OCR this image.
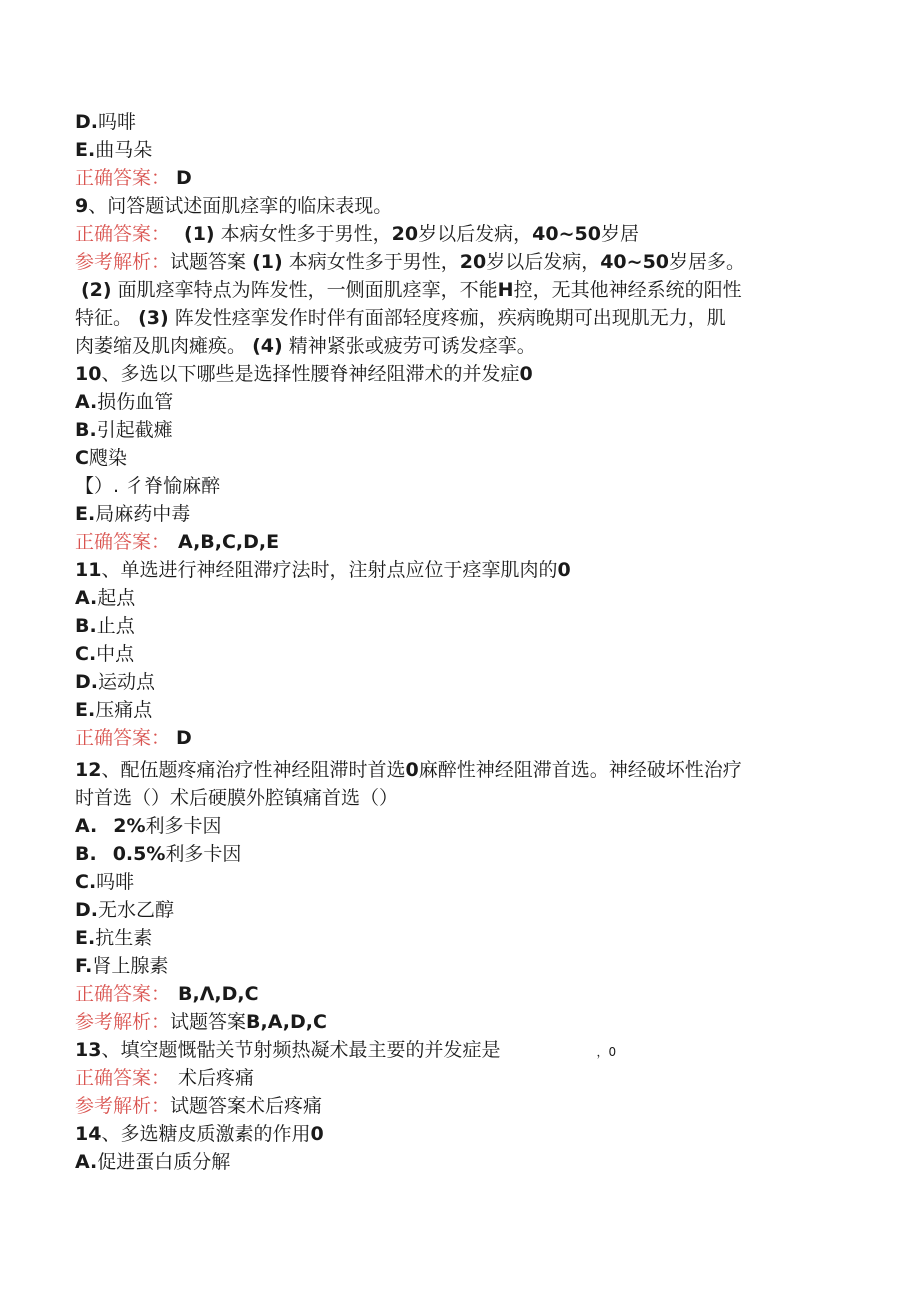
D.吗啡
E.曲马朵
正确答案： D
9、问答题试述面肌痉挛的临床表现。
正确答案： (1) 本病女性多于男性，20岁以后发病，40~50岁居
参考解析：试题答案 (1) 本病女性多于男性，20岁以后发病，40~50岁居多。
(2) 面肌痉挛特点为阵发性，一侧面肌痉挛，不能H控，无其他神经系统的阳性
特征。 (3) 阵发性痉挛发作时伴有面部轻度疼痂，疾病晚期可出现肌无力，肌
肉萎缩及肌肉瘫痪。 (4) 精神紧张或疲劳可诱发痉挛。
10、多选以下哪些是选择性腰脊神经阻滞术的并发症0
A.损伤血管
B.引起截瘫
C飕染
【）. 彳脊愉麻醉
E.局麻药中毒
正确答案： A,B,C,D,E
11、单选进行神经阻滞疗法时，注射点应位于痉挛肌肉的0
A.起点
B.止点
C.中点
D.运动点
E.压痛点
正确答案： D
12、配伍题疼痛治疗性神经阻滞时首选0麻醉性神经阻滞首选。神经破坏性治疗
时首选（）术后硬膜外腔镇痛首选（）
A. 2%利多卡因
B. 0.5%利多卡因
C.吗啡
D.无水乙醇
E.抗生素
F.肾上腺素
正确答案： B,Λ,D,C
参考解析：试题答案B,A,D,C
13、填空题慨骷关节射频热凝术最主要的并发症是	，0
正确答案： 术后疼痛
参考解析：试题答案术后疼痛
14、多选糖皮质激素的作用0
A.促进蛋白质分解
